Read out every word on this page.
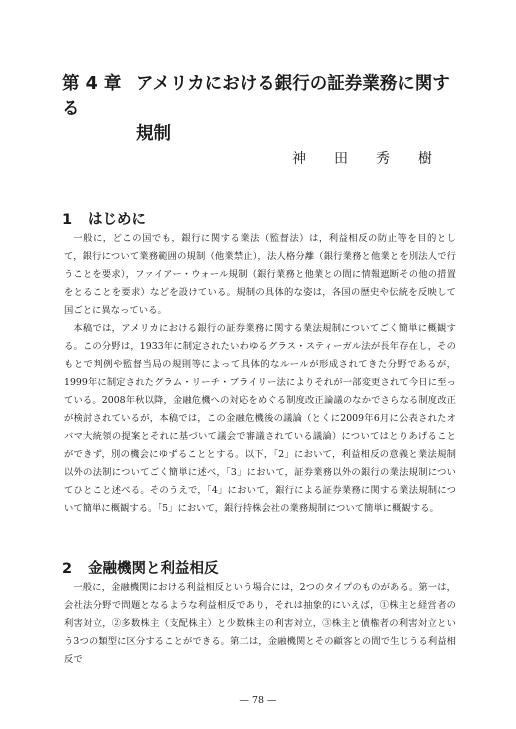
第 4 章 アメリカにおける銀行の証券業務に関する
規制
神田秀樹
1 はじめに

一般に，どこの国でも，銀行に関する業法（監督法）は，利益相反の防止等を目的として，銀行について業務範囲の規制（他業禁止），法人格分離（銀行業務と他業とを別法人で行うことを要求），ファイアー・ウォール規制（銀行業務と他業との間に情報遮断その他の措置をとることを要求）などを設けている。規制の具体的な姿は，各国の歴史や伝統を反映して国ごとに異なっている。

本稿では，アメリカにおける銀行の証券業務に関する業法規制についてごく簡単に概観する。この分野は，1933年に制定されたいわゆるグラス・スティーガル法が長年存在し，そのもとで判例や監督当局の規則等によって具体的なルールが形成されてきた分野であるが，1999年に制定されたグラム・リーチ・ブライリー法によりそれが一部変更されて今日に至っている。2008年秋以降，金融危機への対応をめぐる制度改正論議のなかでさらなる制度改正が検討されているが，本稿では，この金融危機後の議論（とくに2009年6月に公表されたオバマ大統領の提案とそれに基づいて議会で審議されている議論）についてはとりあげることができず，別の機会にゆずることとする。以下，「2」において，利益相反の意義と業法規制以外の法制についてごく簡単に述べ，「3」において，証券業務以外の銀行の業法規制についてひとこと述べる。そのうえで，「4」において，銀行による証券業務に関する業法規制について簡単に概観する。「5」において，銀行持株会社の業務規制について簡単に概観する。

2 金融機関と利益相反

一般に，金融機関における利益相反という場合には，2つのタイプのものがある。第一は，会社法分野で問題となるような利益相反であり，それは抽象的にいえば，①株主と経営者の利害対立，②多数株主（支配株主）と少数株主の利害対立，③株主と債権者の利害対立という3つの類型に区分することができる。第二は，金融機関とその顧客との間で生じうる利益相反で

— 78 —
